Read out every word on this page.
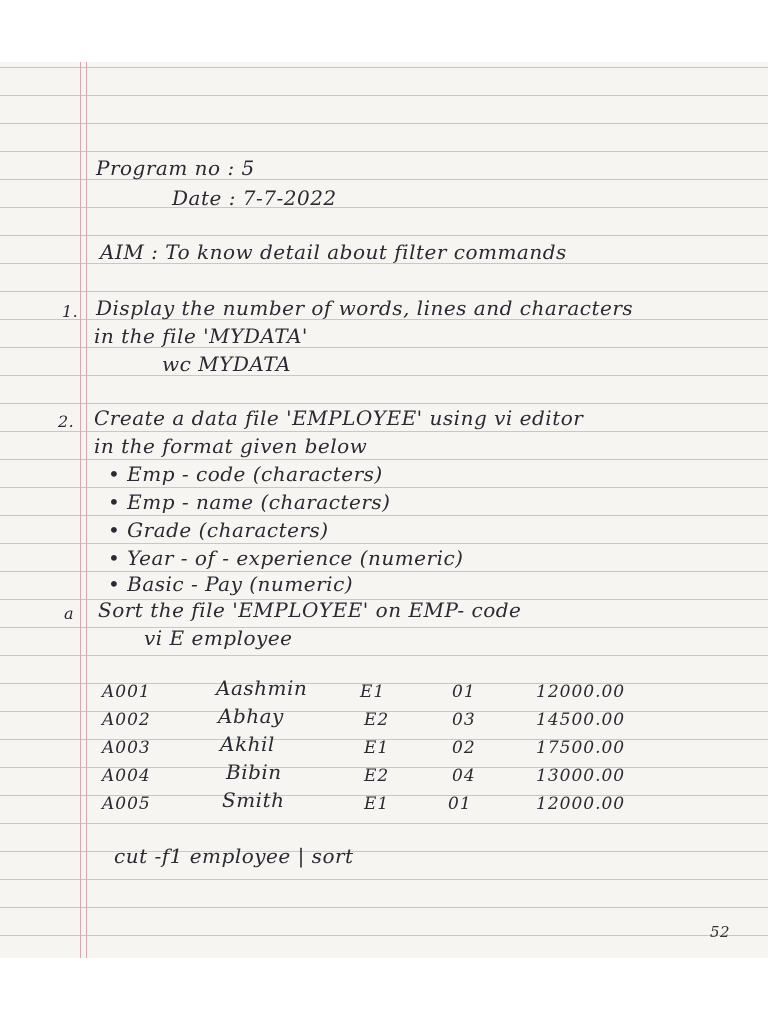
Program no : 5
Date : 7-7-2022
AIM : To know detail about filter commands
1. Display the number of words, lines and characters
in the file 'MYDATA'
wc MYDATA
2. Create a data file 'EMPLOYEE' using vi editor
in the format given below
• Emp - code (characters)
• Emp - name (characters)
• Grade (characters)
• Year - of - experience (numeric)
• Basic - Pay (numeric)
a Sort the file 'EMPLOYEE' on EMP- code
vi E employee
A001	Aashmin	E1	01	12000.00
A002	Abhay	E2	03	14500.00
A003	Akhil	E1	02	17500.00
A004	Bibin	E2	04	13000.00
A005	Smith	E1	01	12000.00
cut -f1 employee | sort
52
